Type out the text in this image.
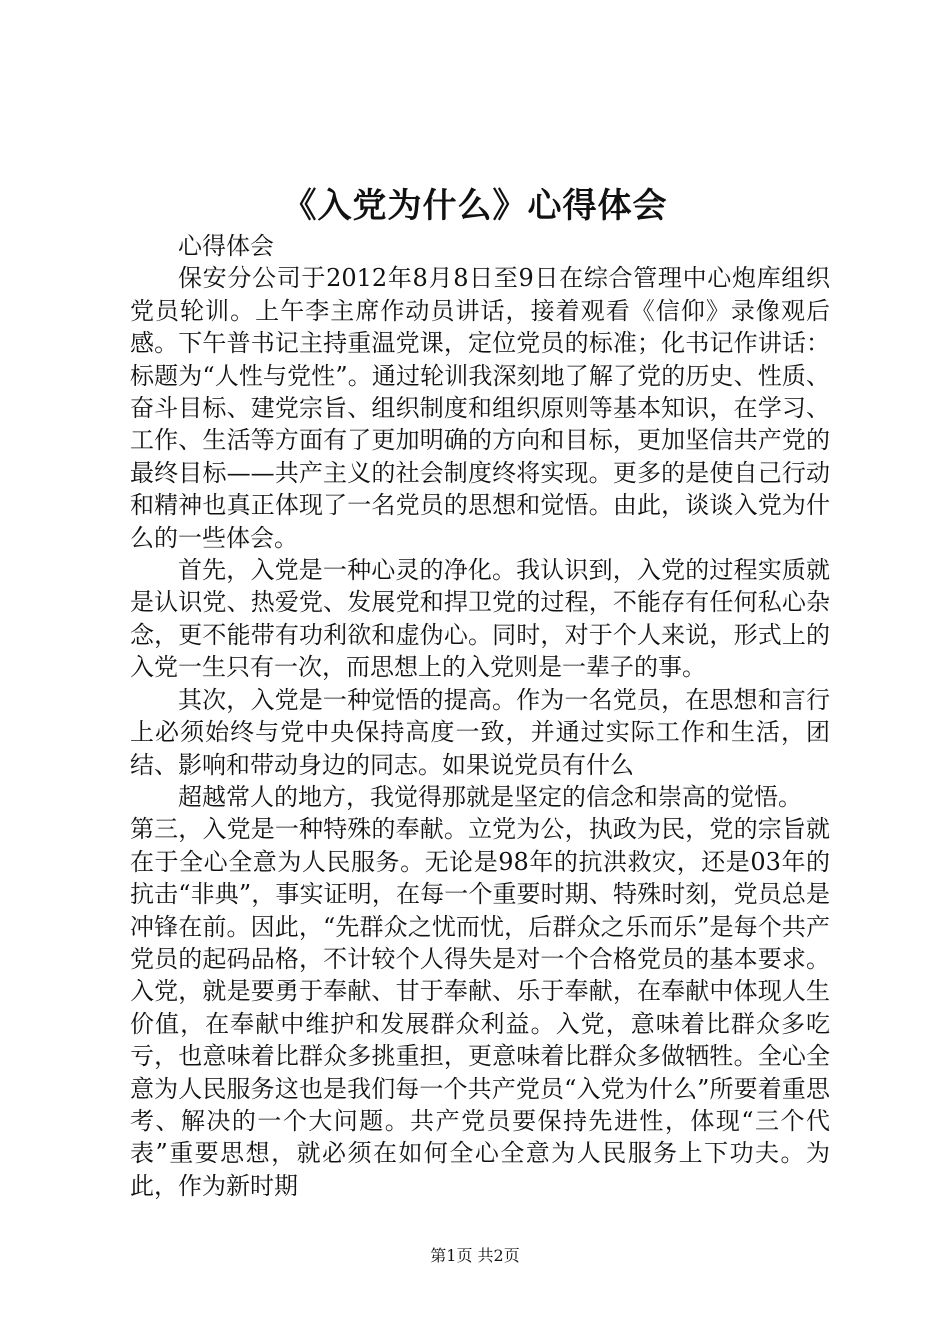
《入党为什么》心得体会

心得体会

保安分公司于2012年8月8日至9日在综合管理中心炮库组织党员轮训。上午李主席作动员讲话，接着观看《信仰》录像观后感。下午普书记主持重温党课，定位党员的标准；化书记作讲话：标题为“人性与党性”。通过轮训我深刻地了解了党的历史、性质、奋斗目标、建党宗旨、组织制度和组织原则等基本知识，在学习、工作、生活等方面有了更加明确的方向和目标，更加坚信共产党的最终目标——共产主义的社会制度终将实现。更多的是使自己行动和精神也真正体现了一名党员的思想和觉悟。由此，谈谈入党为什么的一些体会。

首先，入党是一种心灵的净化。我认识到，入党的过程实质就是认识党、热爱党、发展党和捍卫党的过程，不能存有任何私心杂念，更不能带有功利欲和虚伪心。同时，对于个人来说，形式上的入党一生只有一次，而思想上的入党则是一辈子的事。

其次，入党是一种觉悟的提高。作为一名党员，在思想和言行上必须始终与党中央保持高度一致，并通过实际工作和生活，团结、影响和带动身边的同志。如果说党员有什么

超越常人的地方，我觉得那就是坚定的信念和崇高的觉悟。

第三，入党是一种特殊的奉献。立党为公，执政为民，党的宗旨就在于全心全意为人民服务。无论是98年的抗洪救灾，还是03年的抗击“非典”，事实证明，在每一个重要时期、特殊时刻，党员总是冲锋在前。因此，“先群众之忧而忧，后群众之乐而乐”是每个共产党员的起码品格，不计较个人得失是对一个合格党员的基本要求。入党，就是要勇于奉献、甘于奉献、乐于奉献，在奉献中体现人生价值，在奉献中维护和发展群众利益。入党，意味着比群众多吃亏，也意味着比群众多挑重担，更意味着比群众多做牺牲。全心全意为人民服务这也是我们每一个共产党员“入党为什么”所要着重思考、解决的一个大问题。共产党员要保持先进性，体现“三个代表”重要思想，就必须在如何全心全意为人民服务上下功夫。为此，作为新时期

第1页 共2页
